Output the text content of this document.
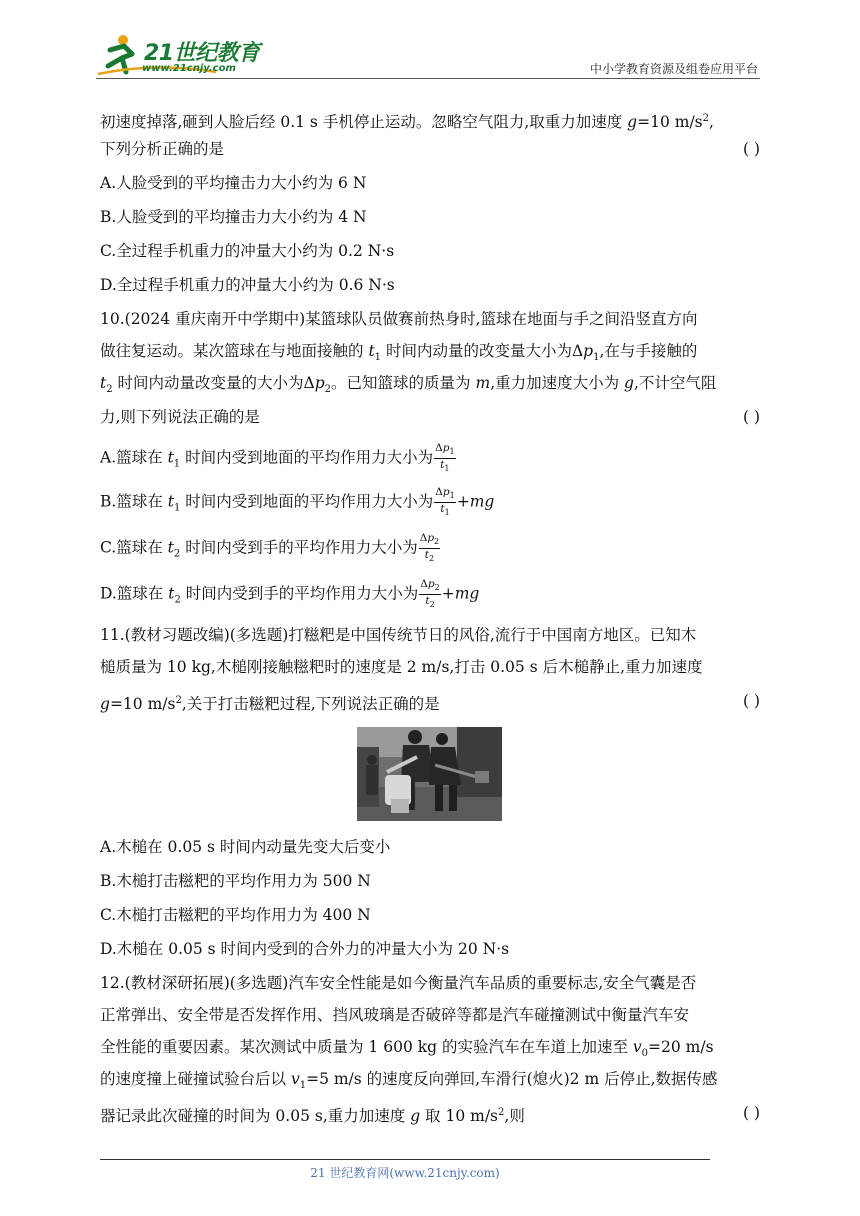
21世纪教育
www.21cnjy.com	中小学教育资源及组卷应用平台
初速度掉落,砸到人脸后经 0.1 s 手机停止运动。忽略空气阻力,取重力加速度 g=10 $m/s^2$,
下列分析正确的是	( )
A.人脸受到的平均撞击力大小约为 6 N
B.人脸受到的平均撞击力大小约为 4 N
C.全过程手机重力的冲量大小约为 0.2 N·s
D.全过程手机重力的冲量大小约为 0.6 N·s
10.(2024 重庆南开中学期中)某篮球队员做赛前热身时,篮球在地面与手之间沿竖直方向
做往复运动。某次篮球在与地面接触的 $t_1$ 时间内动量的改变量大小为$\Delta p_1$,在与手接触的
$t_2$ 时间内动量改变量的大小为$\Delta p_2$。已知篮球的质量为 m,重力加速度大小为 g,不计空气阻
力,则下列说法正确的是	( )
A.篮球在 $t_1$ 时间内受到地面的平均作用力大小为 $\frac{\Delta p_1}{t_1}$
B.篮球在 $t_1$ 时间内受到地面的平均作用力大小为 $\frac{\Delta p_1}{t_1} +mg$
C.篮球在 $t_2$ 时间内受到手的平均作用力大小为 $\frac{\Delta p_2}{t_2}$
D.篮球在 $t_2$ 时间内受到手的平均作用力大小为 $\frac{\Delta p_2}{t_2} +mg$
11.(教材习题改编)(多选题)打糍粑是中国传统节日的风俗,流行于中国南方地区。已知木
槌质量为 10 kg,木槌刚接触糍粑时的速度是 2 m/s,打击 0.05 s 后木槌静止,重力加速度
g=10 $m/s^2$,关于打击糍粑过程,下列说法正确的是	( )
A.木槌在 0.05 s 时间内动量先变大后变小
B.木槌打击糍粑的平均作用力为 500 N
C.木槌打击糍粑的平均作用力为 400 N
D.木槌在 0.05 s 时间内受到的合外力的冲量大小为 20 N·s
12.(教材深研拓展)(多选题)汽车安全性能是如今衡量汽车品质的重要标志,安全气囊是否
正常弹出、安全带是否发挥作用、挡风玻璃是否破碎等都是汽车碰撞测试中衡量汽车安
全性能的重要因素。某次测试中质量为 1 600 kg 的实验汽车在车道上加速至 $v_0=20$ m/s
的速度撞上碰撞试验台后以 $v_1=5$ m/s 的速度反向弹回,车滑行(熄火)2 m 后停止,数据传感
器记录此次碰撞的时间为 0.05 s,重力加速度 g 取 10 $m/s^2$,则	( )
21 世纪教育网(www.21cnjy.com)
